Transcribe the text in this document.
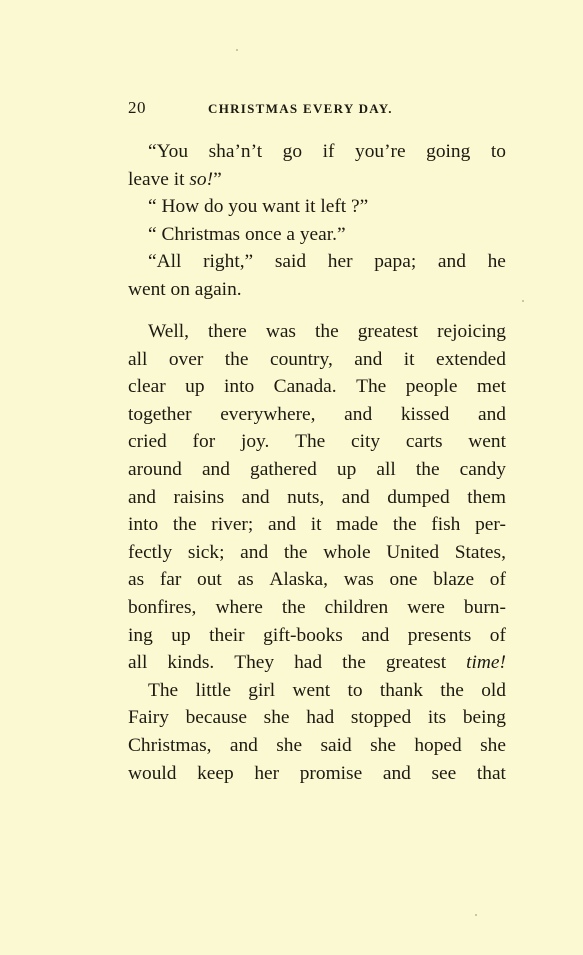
20	CHRISTMAS EVERY DAY.
“You sha’n’t go if you’re going to
leave it so!”
“ How do you want it left ?”
“ Christmas once a year.”
“All right,” said her papa; and he
went on again.
Well, there was the greatest rejoicing
all over the country, and it extended
clear up into Canada. The people met
together everywhere, and kissed and
cried for joy. The city carts went
around and gathered up all the candy
and raisins and nuts, and dumped them
into the river; and it made the fish per-
fectly sick; and the whole United States,
as far out as Alaska, was one blaze of
bonfires, where the children were burn-
ing up their gift-books and presents of
all kinds. They had the greatest time!
The little girl went to thank the old
Fairy because she had stopped its being
Christmas, and she said she hoped she
would keep her promise and see that
